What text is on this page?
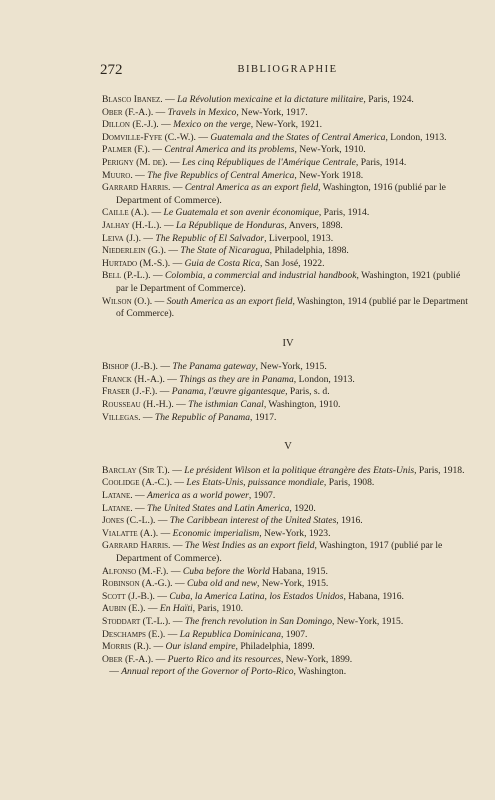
272	BIBLIOGRAPHIE
Blasco Ibanez. — La Révolution mexicaine et la dictature militaire, Paris, 1924.
Ober (F.-A.). — Travels in Mexico, New-York, 1917.
Dillon (E.-J.). — Mexico on the verge, New-York, 1921.
Domville-Fyfe (C.-W.). — Guatemala and the States of Central America, London, 1913.
Palmer (F.). — Central America and its problems, New-York, 1910.
Perigny (M. de). — Les cinq Républiques de l'Amérique Centrale, Paris, 1914.
Muuro. — The five Republics of Central America, New-York 1918.
Garrard Harris. — Central America as an export field, Washington, 1916 (publié par le Department of Commerce).
Caille (A.). — Le Guatemala et son avenir économique, Paris, 1914.
Jalhay (H.-L.). — La République de Honduras, Anvers, 1898.
Leiva (J.). — The Republic of El Salvador, Liverpool, 1913.
Niederlein (G.). — The State of Nicaragua, Philadelphia, 1898.
Hurtado (M.-S.). — Guia de Costa Rica, San José, 1922.
Bell (P.-L.). — Colombia, a commercial and industrial handbook, Washington, 1921 (publié par le Department of Commerce).
Wilson (O.). — South America as an export field, Washington, 1914 (publié par le Department of Commerce).
IV
Bishop (J.-B.). — The Panama gateway, New-York, 1915.
Franck (H.-A.). — Things as they are in Panama, London, 1913.
Fraser (J.-F.). — Panama, l'œuvre gigantesque, Paris, s. d.
Rousseau (H.-H.). — The isthmian Canal, Washington, 1910.
Villegas. — The Republic of Panama, 1917.
V
Barclay (Sir T.). — Le président Wilson et la politique étrangère des Etats-Unis, Paris, 1918.
Coolidge (A.-C.). — Les Etats-Unis, puissance mondiale, Paris, 1908.
Latane. — America as a world power, 1907.
Latane. — The United States and Latin America, 1920.
Jones (C.-L.). — The Caribbean interest of the United States, 1916.
Vialatte (A.). — Economic imperialism, New-York, 1923.
Garrard Harris. — The West Indies as an export field, Washington, 1917 (publié par le Department of Commerce).
Alfonso (M.-F.). — Cuba before the World Habana, 1915.
Robinson (A.-G.). — Cuba old and new, New-York, 1915.
Scott (J.-B.). — Cuba, la America Latina, los Estados Unidos, Habana, 1916.
Aubin (E.). — En Haïti, Paris, 1910.
Stoddart (T.-L.). — The french revolution in San Domingo, New-York, 1915.
Deschamps (E.). — La Republica Dominicana, 1907.
Morris (R.). — Our island empire, Philadelphia, 1899.
Ober (F.-A.). — Puerto Rico and its resources, New-York, 1899.
— Annual report of the Governor of Porto-Rico, Washington.
